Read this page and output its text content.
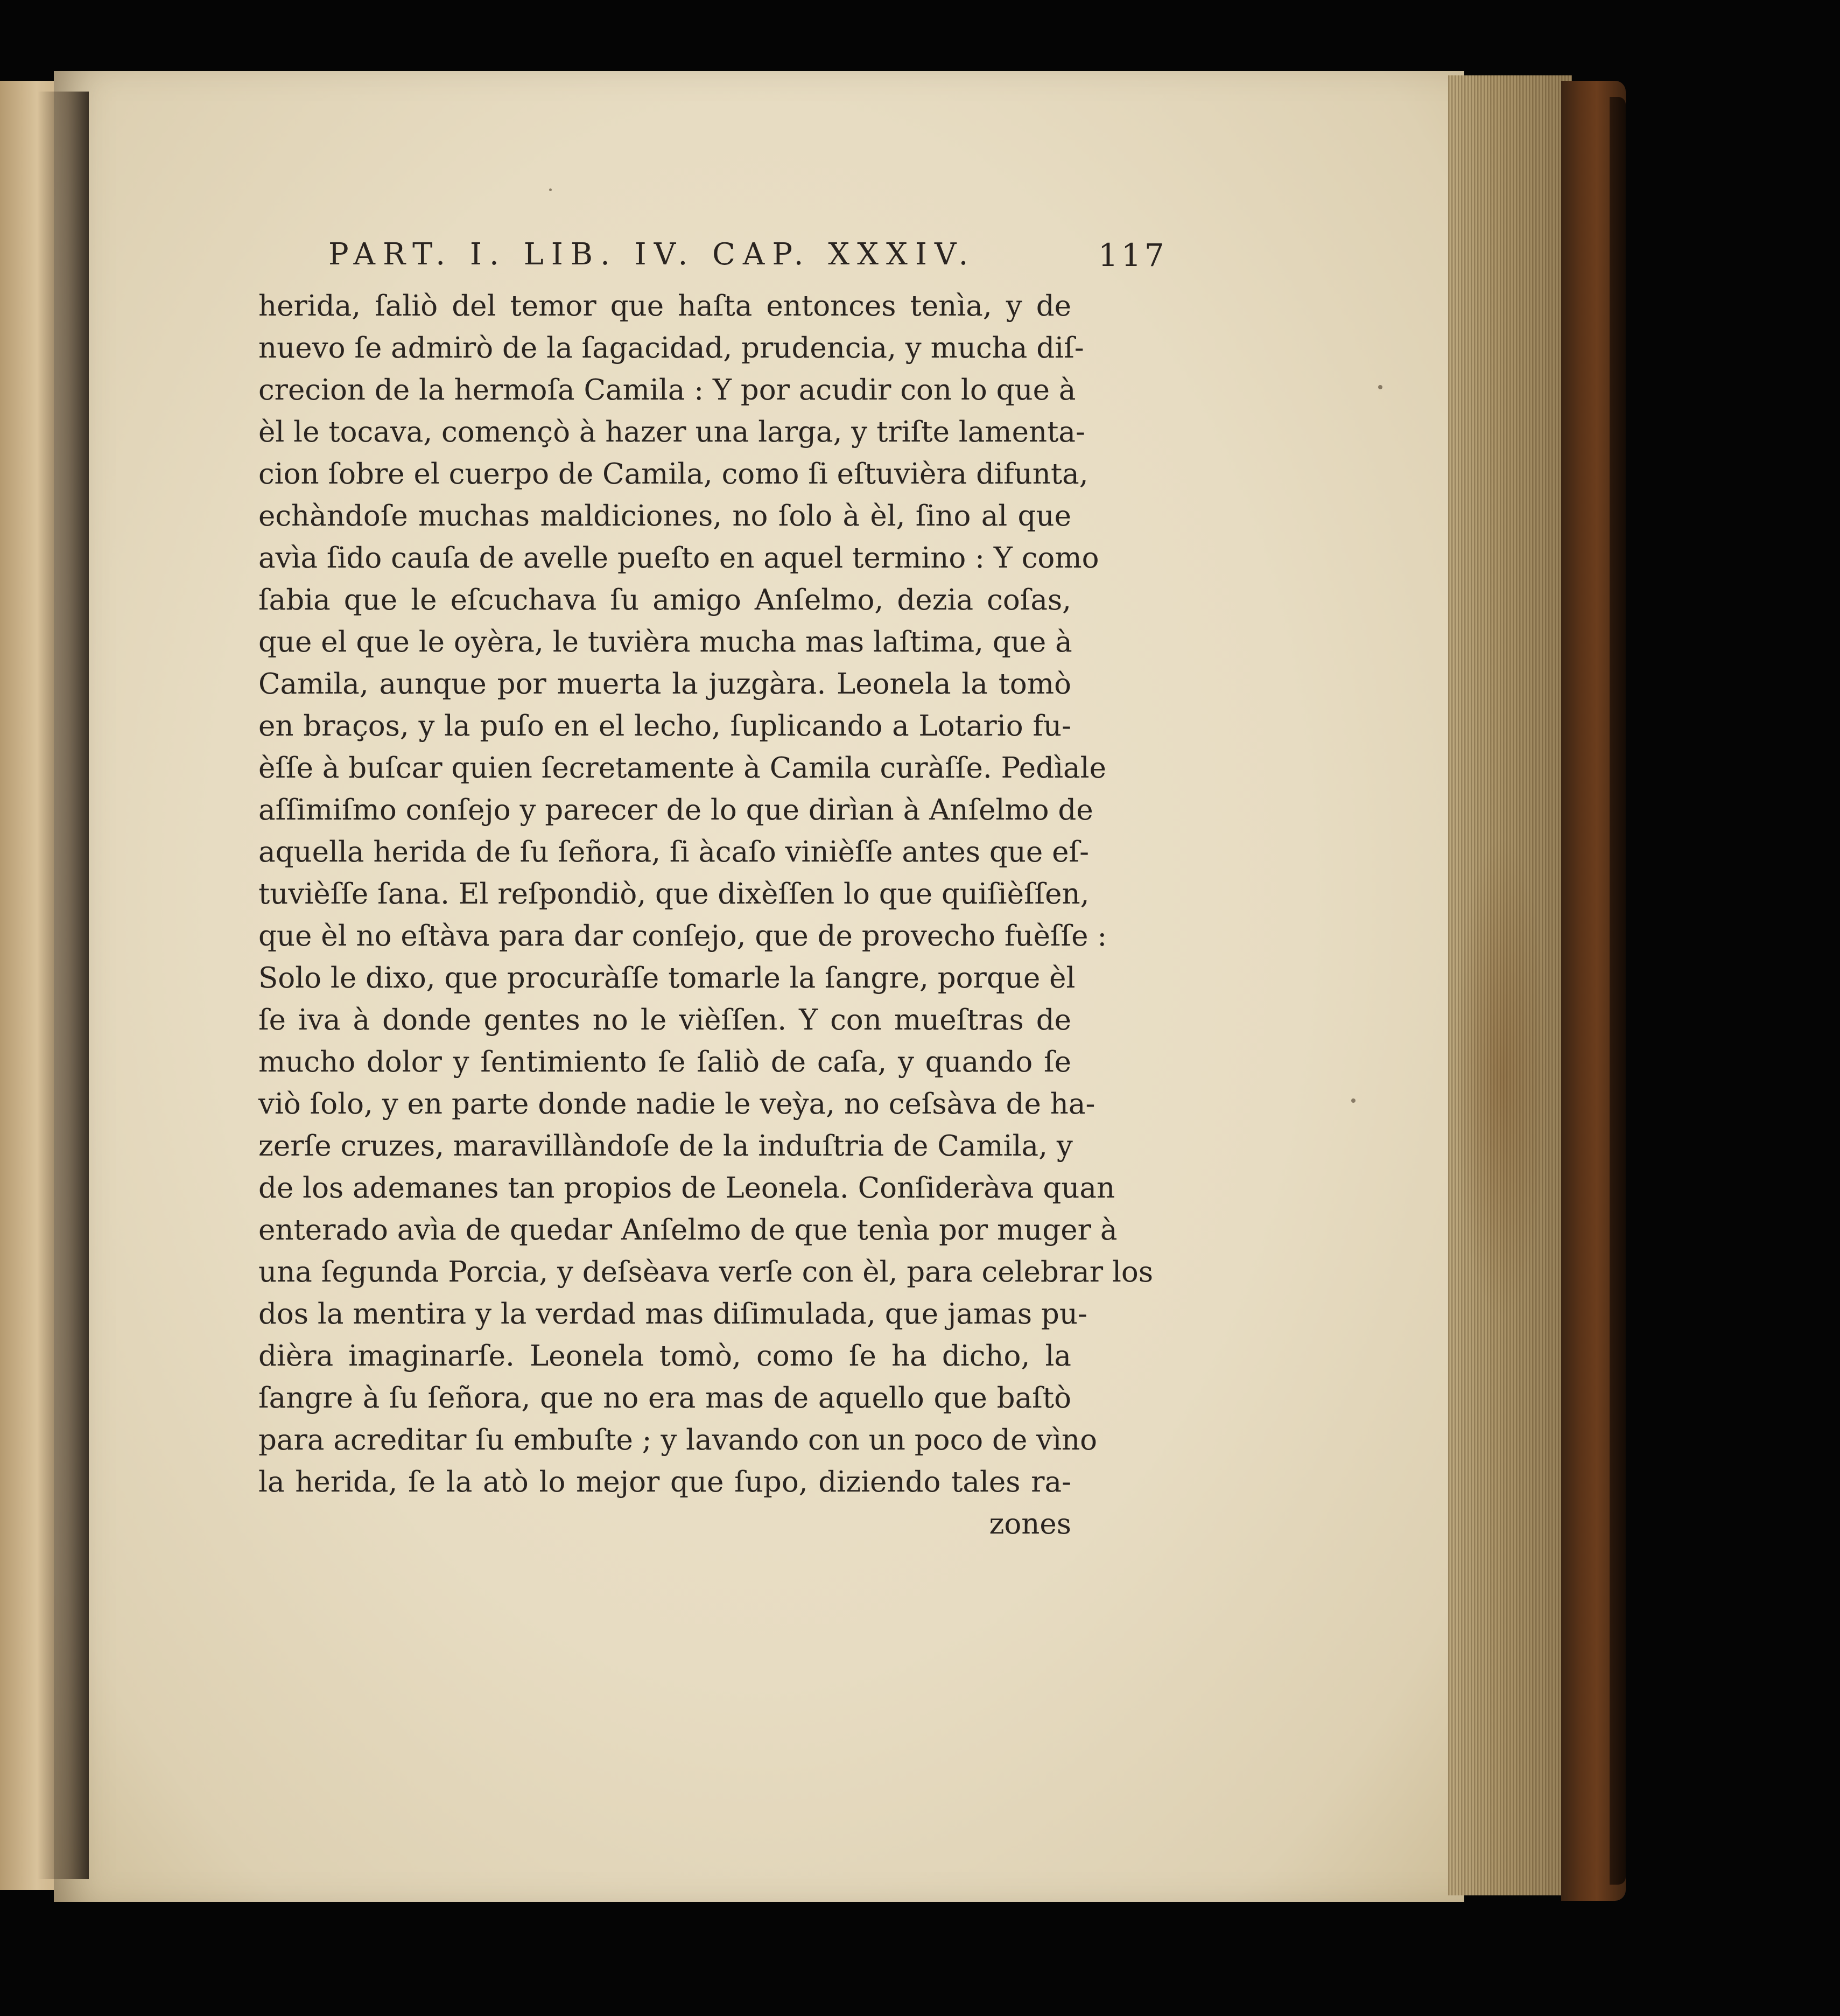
PART. I. LIB. IV. CAP. XXXIV.	117
herida, ſaliò del temor que haſta entonces tenìa, y de
nuevo ſe admirò de la ſagacidad, prudencia, y mucha diſ-
crecion de la hermoſa Camila : Y por acudir con lo que à
èl le tocava, començò à hazer una larga, y triſte lamenta-
cion ſobre el cuerpo de Camila, como ſi eſtuvièra difunta,
echàndoſe muchas maldiciones, no ſolo à èl, ſino al que
avìa ſido cauſa de avelle pueſto en aquel termino : Y como
ſabia que le eſcuchava ſu amigo Anſelmo, dezia coſas,
que el que le oyèra, le tuvièra mucha mas laſtima, que à
Camila, aunque por muerta la juzgàra. Leonela la tomò
en braços, y la puſo en el lecho, ſuplicando a Lotario fu-
èſſe à buſcar quien ſecretamente à Camila curàſſe. Pedìale
aſſimiſmo conſejo y parecer de lo que dirìan à Anſelmo de
aquella herida de ſu ſeñora, ſi àcaſo vinièſſe antes que eſ-
tuvièſſe ſana. El reſpondiò, que dixèſſen lo que quiſièſſen,
que èl no eſtàva para dar conſejo, que de provecho fuèſſe :
Solo le dixo, que procuràſſe tomarle la ſangre, porque èl
ſe iva à donde gentes no le vièſſen. Y con mueſtras de
mucho dolor y ſentimiento ſe ſaliò de caſa, y quando ſe
viò ſolo, y en parte donde nadie le veỳa, no ceſsàva de ha-
zerſe cruzes, maravillàndoſe de la induſtria de Camila, y
de los ademanes tan propios de Leonela. Conſideràva quan
enterado avìa de quedar Anſelmo de que tenìa por muger à
una ſegunda Porcia, y deſsèava verſe con èl, para celebrar los
dos la mentira y la verdad mas diſimulada, que jamas pu-
dièra imaginarſe. Leonela tomò, como ſe ha dicho, la
ſangre à ſu ſeñora, que no era mas de aquello que baſtò
para acreditar ſu embuſte ; y lavando con un poco de vìno
la herida, ſe la atò lo mejor que ſupo, diziendo tales ra-
zones
